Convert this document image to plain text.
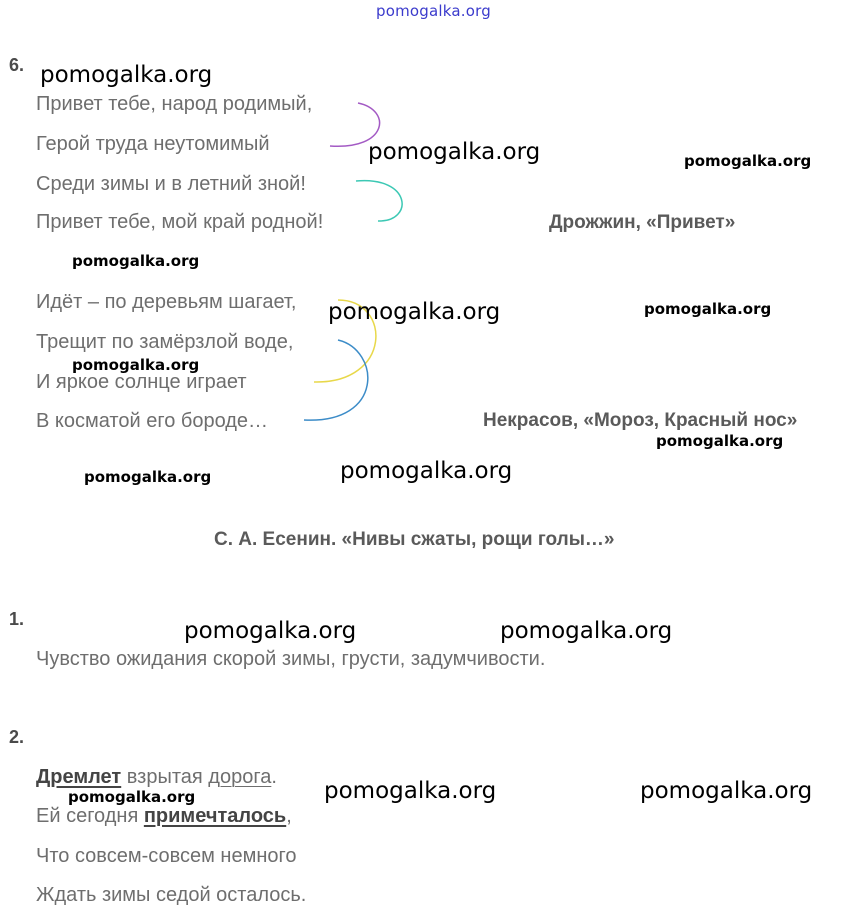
pomogalka.org
6.
Привет тебе, народ родимый,
Герой труда неутомимый
Среди зимы и в летний зной!
Привет тебе, мой край родной!	Дрожжин, «Привет»
Идёт – по деревьям шагает,
Трещит по замёрзлой воде,
И яркое солнце играет
В косматой его бороде…	Некрасов, «Мороз, Красный нос»
С. А. Есенин. «Нивы сжаты, рощи голы…»
1.
Чувство ожидания скорой зимы, грусти, задумчивости.
2.
Дремлет взрытая дорога.
Ей сегодня примечталось,
Что совсем-совсем немного
Ждать зимы седой осталось.
pomogalka.org
pomogalka.org	pomogalka.org
pomogalka.org
pomogalka.org	pomogalka.org
pomogalka.org
pomogalka.org
pomogalka.org	pomogalka.org
pomogalka.org	pomogalka.org
pomogalka.org	pomogalka.org	pomogalka.org
